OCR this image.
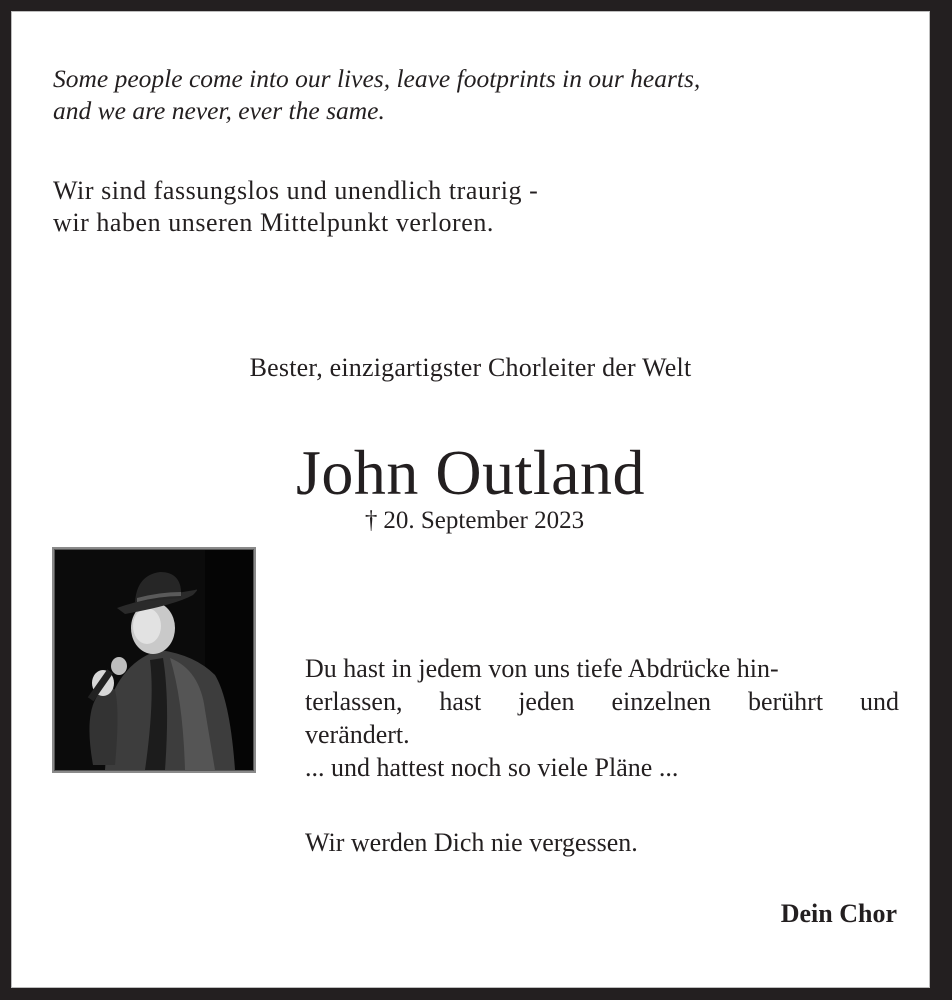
Some people come into our lives, leave footprints in our hearts,
and we are never, ever the same.
Wir sind fassungslos und unendlich traurig -
wir haben unseren Mittelpunkt verloren.
Bester, einzigartigster Chorleiter der Welt
John Outland
† 20. September 2023
Du hast in jedem von uns tiefe Abdrücke hin-
terlassen, hast jeden einzelnen berührt und
verändert.
... und hattest noch so viele Pläne ...
Wir werden Dich nie vergessen.
Dein Chor
